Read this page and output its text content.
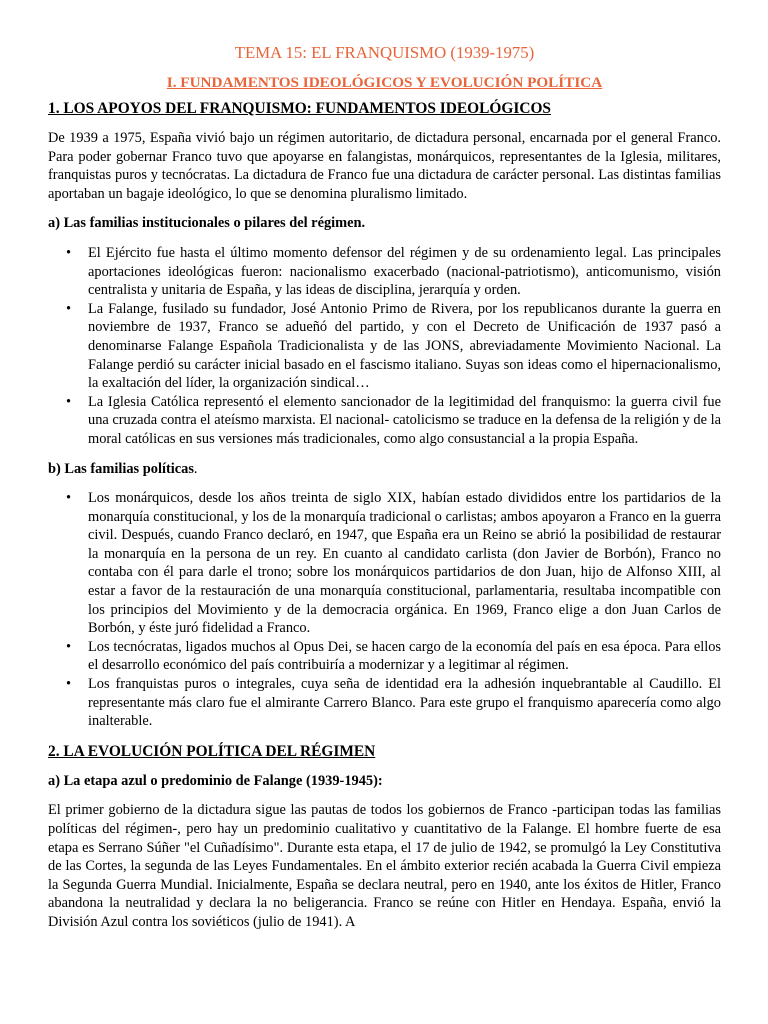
TEMA 15: EL FRANQUISMO (1939-1975)
I. FUNDAMENTOS IDEOLÓGICOS Y EVOLUCIÓN POLÍTICA
1. LOS APOYOS DEL FRANQUISMO: FUNDAMENTOS IDEOLÓGICOS
De 1939 a 1975, España vivió bajo un régimen autoritario, de dictadura personal, encarnada por el general Franco. Para poder gobernar Franco tuvo que apoyarse en falangistas, monárquicos, representantes de la Iglesia, militares, franquistas puros y tecnócratas. La dictadura de Franco fue una dictadura de carácter personal. Las distintas familias aportaban un bagaje ideológico, lo que se denomina pluralismo limitado.
a) Las familias institucionales o pilares del régimen.
• El Ejército fue hasta el último momento defensor del régimen y de su ordenamiento legal. Las principales aportaciones ideológicas fueron: nacionalismo exacerbado (nacional-patriotismo), anticomunismo, visión centralista y unitaria de España, y las ideas de disciplina, jerarquía y orden.
• La Falange, fusilado su fundador, José Antonio Primo de Rivera, por los republicanos durante la guerra en noviembre de 1937, Franco se adueñó del partido, y con el Decreto de Unificación de 1937 pasó a denominarse Falange Española Tradicionalista y de las JONS, abreviadamente Movimiento Nacional. La Falange perdió su carácter inicial basado en el fascismo italiano. Suyas son ideas como el hipernacionalismo, la exaltación del líder, la organización sindical…
• La Iglesia Católica representó el elemento sancionador de la legitimidad del franquismo: la guerra civil fue una cruzada contra el ateísmo marxista. El nacional- catolicismo se traduce en la defensa de la religión y de la moral católicas en sus versiones más tradicionales, como algo consustancial a la propia España.
b) Las familias políticas.
• Los monárquicos, desde los años treinta de siglo XIX, habían estado divididos entre los partidarios de la monarquía constitucional, y los de la monarquía tradicional o carlistas; ambos apoyaron a Franco en la guerra civil. Después, cuando Franco declaró, en 1947, que España era un Reino se abrió la posibilidad de restaurar la monarquía en la persona de un rey. En cuanto al candidato carlista (don Javier de Borbón), Franco no contaba con él para darle el trono; sobre los monárquicos partidarios de don Juan, hijo de Alfonso XIII, al estar a favor de la restauración de una monarquía constitucional, parlamentaria, resultaba incompatible con los principios del Movimiento y de la democracia orgánica. En 1969, Franco elige a don Juan Carlos de Borbón, y éste juró fidelidad a Franco.
• Los tecnócratas, ligados muchos al Opus Dei, se hacen cargo de la economía del país en esa época. Para ellos el desarrollo económico del país contribuiría a modernizar y a legitimar al régimen.
• Los franquistas puros o integrales, cuya seña de identidad era la adhesión inquebrantable al Caudillo. El representante más claro fue el almirante Carrero Blanco. Para este grupo el franquismo aparecería como algo inalterable.
2. LA EVOLUCIÓN POLÍTICA DEL RÉGIMEN
a) La etapa azul o predominio de Falange (1939-1945):
El primer gobierno de la dictadura sigue las pautas de todos los gobiernos de Franco -participan todas las familias políticas del régimen-, pero hay un predominio cualitativo y cuantitativo de la Falange. El hombre fuerte de esa etapa es Serrano Súñer "el Cuñadísimo". Durante esta etapa, el 17 de julio de 1942, se promulgó la Ley Constitutiva de las Cortes, la segunda de las Leyes Fundamentales. En el ámbito exterior recién acabada la Guerra Civil empieza la Segunda Guerra Mundial. Inicialmente, España se declara neutral, pero en 1940, ante los éxitos de Hitler, Franco abandona la neutralidad y declara la no beligerancia. Franco se reúne con Hitler en Hendaya. España, envió la División Azul contra los soviéticos (julio de 1941). A
